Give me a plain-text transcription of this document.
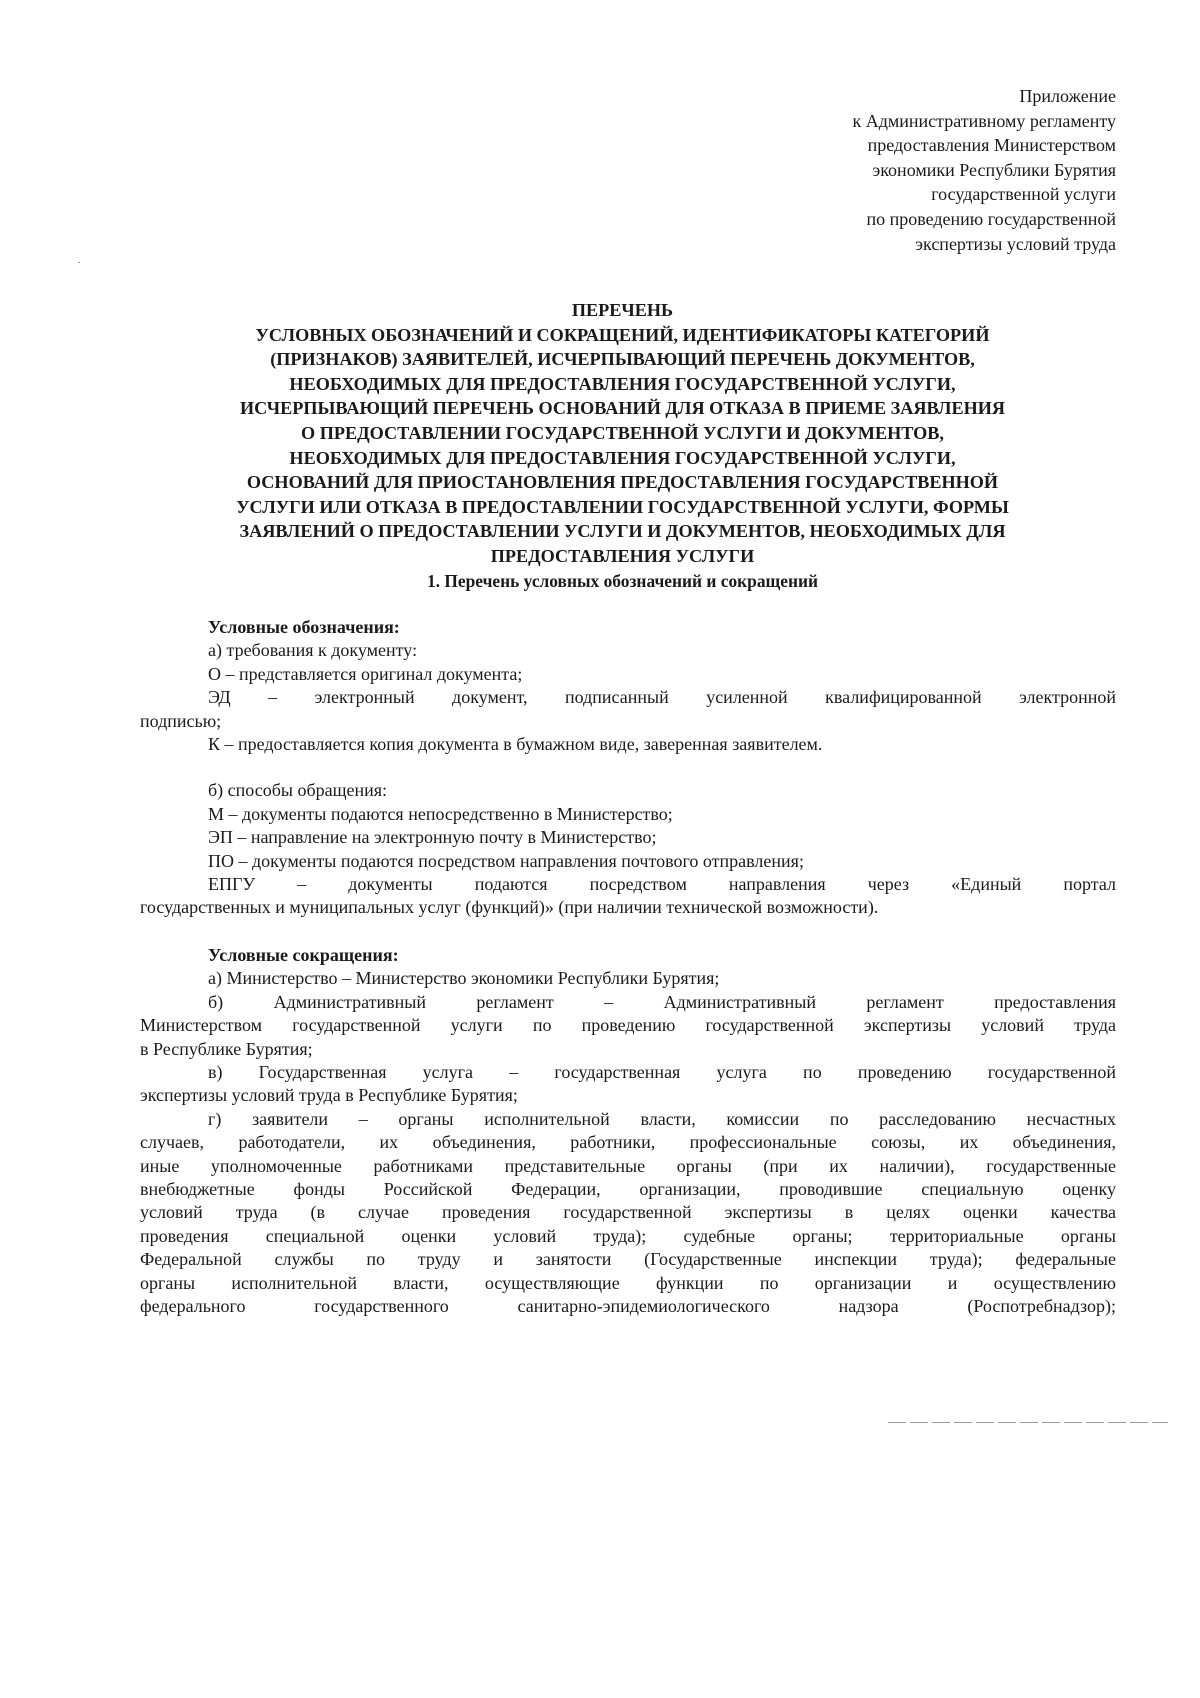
Приложение
к Административному регламенту
предоставления Министерством
экономики Республики Бурятия
государственной услуги
по проведению государственной
экспертизы условий труда
ПЕРЕЧЕНЬ
УСЛОВНЫХ ОБОЗНАЧЕНИЙ И СОКРАЩЕНИЙ, ИДЕНТИФИКАТОРЫ КАТЕГОРИЙ
(ПРИЗНАКОВ) ЗАЯВИТЕЛЕЙ, ИСЧЕРПЫВАЮЩИЙ ПЕРЕЧЕНЬ ДОКУМЕНТОВ,
НЕОБХОДИМЫХ ДЛЯ ПРЕДОСТАВЛЕНИЯ ГОСУДАРСТВЕННОЙ УСЛУГИ,
ИСЧЕРПЫВАЮЩИЙ ПЕРЕЧЕНЬ ОСНОВАНИЙ ДЛЯ ОТКАЗА В ПРИЕМЕ ЗАЯВЛЕНИЯ
О ПРЕДОСТАВЛЕНИИ ГОСУДАРСТВЕННОЙ УСЛУГИ И ДОКУМЕНТОВ,
НЕОБХОДИМЫХ ДЛЯ ПРЕДОСТАВЛЕНИЯ ГОСУДАРСТВЕННОЙ УСЛУГИ,
ОСНОВАНИЙ ДЛЯ ПРИОСТАНОВЛЕНИЯ ПРЕДОСТАВЛЕНИЯ ГОСУДАРСТВЕННОЙ
УСЛУГИ ИЛИ ОТКАЗА В ПРЕДОСТАВЛЕНИИ ГОСУДАРСТВЕННОЙ УСЛУГИ, ФОРМЫ
ЗАЯВЛЕНИЙ О ПРЕДОСТАВЛЕНИИ УСЛУГИ И ДОКУМЕНТОВ, НЕОБХОДИМЫХ ДЛЯ
ПРЕДОСТАВЛЕНИЯ УСЛУГИ
1. Перечень условных обозначений и сокращений

Условные обозначения:

а) требования к документу:

О – представляется оригинал документа;

ЭД – электронный документ, подписанный усиленной квалифицированной электронной

подписью;

К – предоставляется копия документа в бумажном виде, заверенная заявителем.

б) способы обращения:

М – документы подаются непосредственно в Министерство;

ЭП – направление на электронную почту в Министерство;

ПО – документы подаются посредством направления почтового отправления;

ЕПГУ – документы подаются посредством направления через «Единый портал

государственных и муниципальных услуг (функций)» (при наличии технической возможности).

Условные сокращения:

а) Министерство – Министерство экономики Республики Бурятия;

б) Административный регламент – Административный регламент предоставления

Министерством государственной услуги по проведению государственной экспертизы условий труда

в Республике Бурятия;

в) Государственная услуга – государственная услуга по проведению государственной

экспертизы условий труда в Республике Бурятия;

г) заявители – органы исполнительной власти, комиссии по расследованию несчастных

случаев, работодатели, их объединения, работники, профессиональные союзы, их объединения,

иные уполномоченные работниками представительные органы (при их наличии), государственные

внебюджетные фонды Российской Федерации, организации, проводившие специальную оценку

условий труда (в случае проведения государственной экспертизы в целях оценки качества

проведения специальной оценки условий труда); судебные органы; территориальные органы

Федеральной службы по труду и занятости (Государственные инспекции труда); федеральные

органы исполнительной власти, осуществляющие функции по организации и осуществлению

федерального государственного санитарно-эпидемиологического надзора (Роспотребнадзор);
